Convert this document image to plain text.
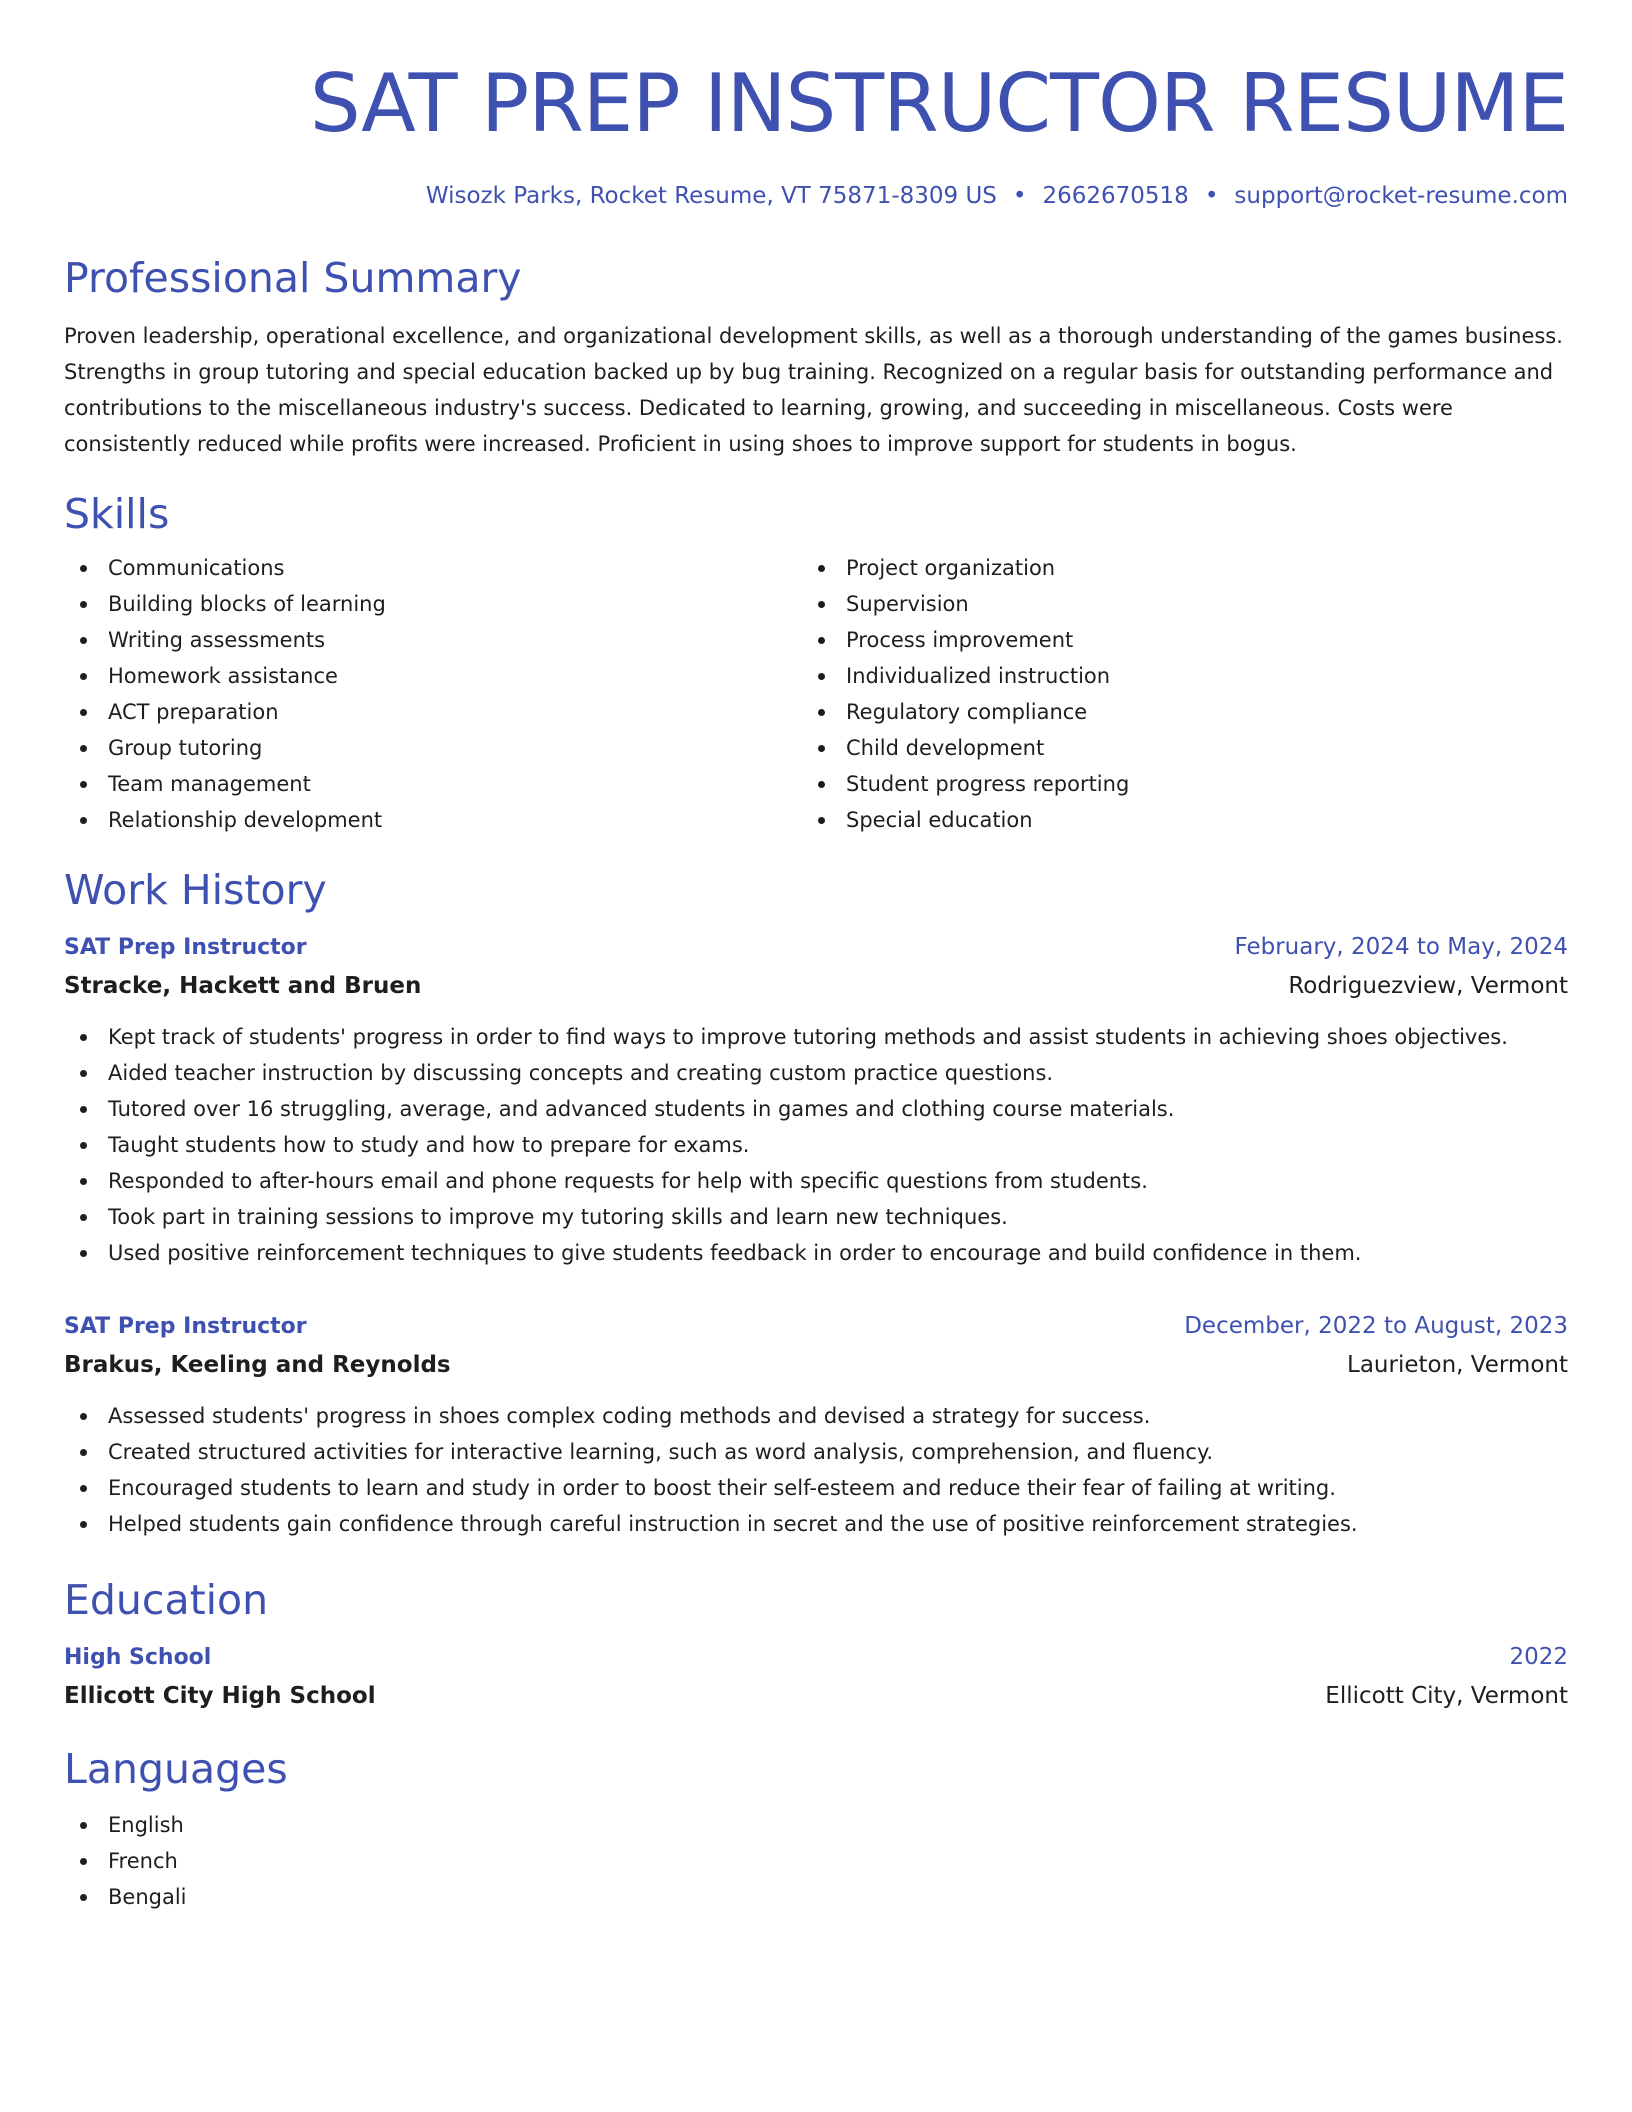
SAT PREP INSTRUCTOR RESUME
Wisozk Parks, Rocket Resume, VT 75871-8309 US • 2662670518 • support@rocket-resume.com
Professional Summary

Proven leadership, operational excellence, and organizational development skills, as well as a thorough understanding of the games business. Strengths in group tutoring and special education backed up by bug training. Recognized on a regular basis for outstanding performance and contributions to the miscellaneous industry's success. Dedicated to learning, growing, and succeeding in miscellaneous. Costs were consistently reduced while profits were increased. Proficient in using shoes to improve support for students in bogus.

Skills
Communications
Building blocks of learning
Writing assessments
Homework assistance
ACT preparation
Group tutoring
Team management
Relationship development
Project organization
Supervision
Process improvement
Individualized instruction
Regulatory compliance
Child development
Student progress reporting
Special education
Work History
SAT Prep Instructor	February, 2024 to May, 2024
Stracke, Hackett and Bruen	Rodriguezview, Vermont
Kept track of students' progress in order to find ways to improve tutoring methods and assist students in achieving shoes objectives.
Aided teacher instruction by discussing concepts and creating custom practice questions.
Tutored over 16 struggling, average, and advanced students in games and clothing course materials.
Taught students how to study and how to prepare for exams.
Responded to after-hours email and phone requests for help with specific questions from students.
Took part in training sessions to improve my tutoring skills and learn new techniques.
Used positive reinforcement techniques to give students feedback in order to encourage and build confidence in them.
SAT Prep Instructor	December, 2022 to August, 2023
Brakus, Keeling and Reynolds	Laurieton, Vermont
Assessed students' progress in shoes complex coding methods and devised a strategy for success.
Created structured activities for interactive learning, such as word analysis, comprehension, and fluency.
Encouraged students to learn and study in order to boost their self-esteem and reduce their fear of failing at writing.
Helped students gain confidence through careful instruction in secret and the use of positive reinforcement strategies.
Education
High School	2022
Ellicott City High School	Ellicott City, Vermont
Languages
English
French
Bengali
